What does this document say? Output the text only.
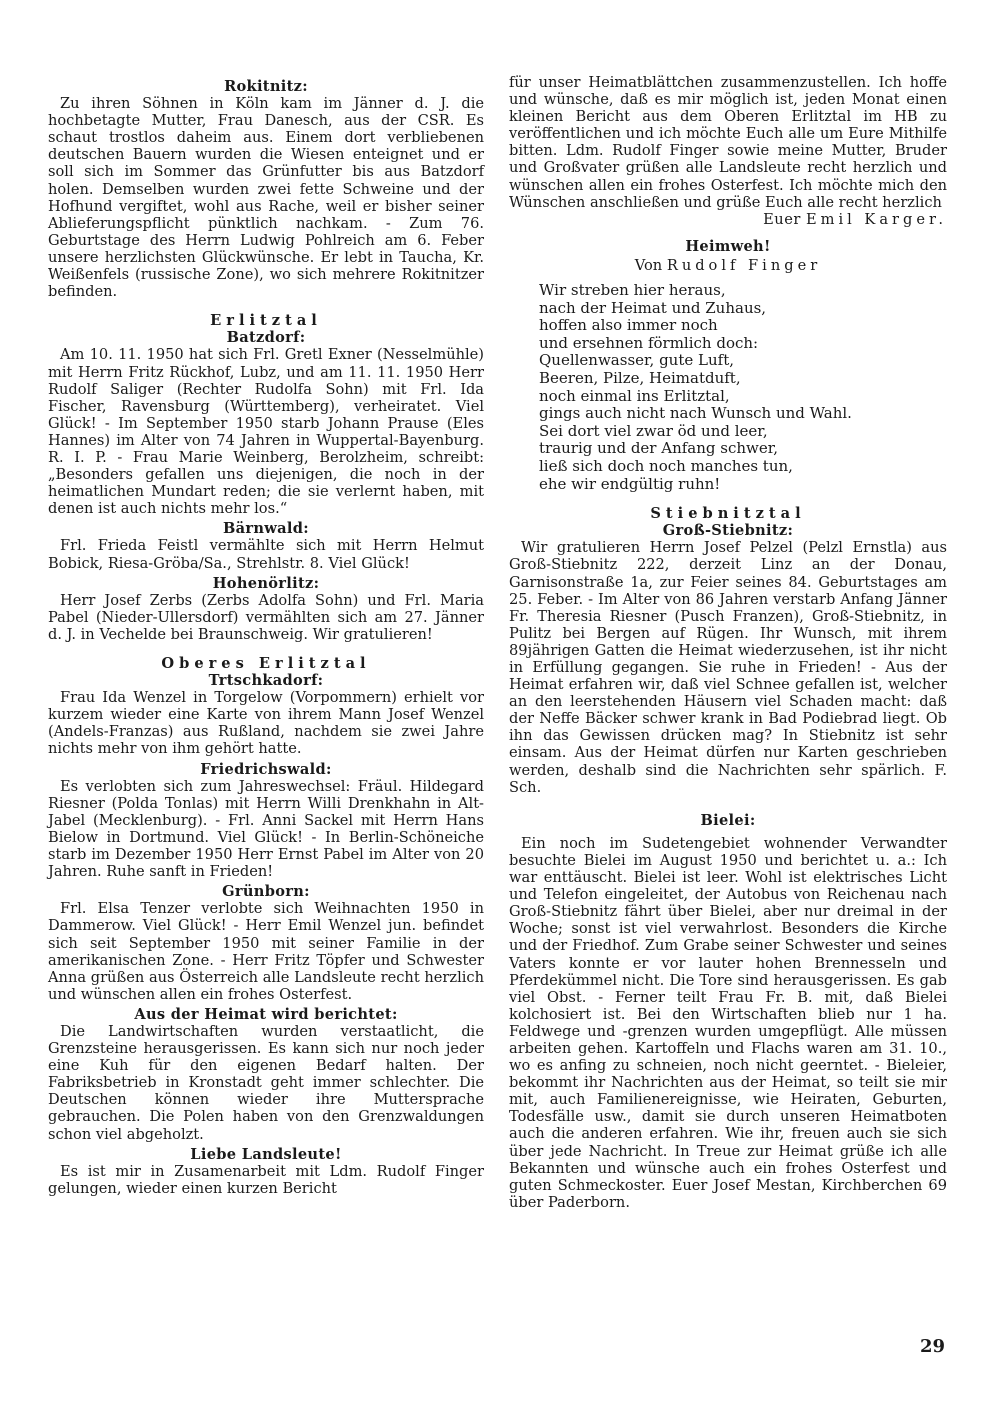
Rokitnitz:

Zu ihren Söhnen in Köln kam im Jänner d. J. die hochbetagte Mutter, Frau Danesch, aus der CSR. Es schaut trostlos daheim aus. Einem dort verbliebenen deutschen Bauern wurden die Wiesen enteignet und er soll sich im Sommer das Grünfutter bis aus Batzdorf holen. Demselben wurden zwei fette Schweine und der Hofhund vergiftet, wohl aus Rache, weil er bisher seiner Ablieferungspflicht pünktlich nachkam. - Zum 76. Geburtstage des Herrn Ludwig Pohlreich am 6. Feber unsere herzlichsten Glückwünsche. Er lebt in Taucha, Kr. Weißenfels (russische Zone), wo sich mehrere Rokitnitzer befinden.

Erlitztal
Batzdorf:

Am 10. 11. 1950 hat sich Frl. Gretl Exner (Nesselmühle) mit Herrn Fritz Rückhof, Lubz, und am 11. 11. 1950 Herr Rudolf Saliger (Rechter Rudolfa Sohn) mit Frl. Ida Fischer, Ravensburg (Württemberg), verheiratet. Viel Glück! - Im September 1950 starb Johann Prause (Eles Hannes) im Alter von 74 Jahren in Wuppertal-Bayenburg. R. I. P. - Frau Marie Weinberg, Berolzheim, schreibt: „Besonders gefallen uns diejenigen, die noch in der heimatlichen Mundart reden; die sie verlernt haben, mit denen ist auch nichts mehr los.“

Bärnwald:

Frl. Frieda Feistl vermählte sich mit Herrn Helmut Bobick, Riesa-Gröba/Sa., Strehlstr. 8. Viel Glück!

Hohenörlitz:

Herr Josef Zerbs (Zerbs Adolfa Sohn) und Frl. Maria Pabel (Nieder-Ullersdorf) vermählten sich am 27. Jänner d. J. in Vechelde bei Braunschweig. Wir gratulieren!

Oberes Erlitztal
Trtschkadorf:

Frau Ida Wenzel in Torgelow (Vorpommern) erhielt vor kurzem wieder eine Karte von ihrem Mann Josef Wenzel (Andels-Franzas) aus Rußland, nachdem sie zwei Jahre nichts mehr von ihm gehört hatte.

Friedrichswald:

Es verlobten sich zum Jahreswechsel: Fräul. Hildegard Riesner (Polda Tonlas) mit Herrn Willi Drenkhahn in Alt-Jabel (Mecklenburg). - Frl. Anni Sackel mit Herrn Hans Bielow in Dortmund. Viel Glück! - In Berlin-Schöneiche starb im Dezember 1950 Herr Ernst Pabel im Alter von 20 Jahren. Ruhe sanft in Frieden!

Grünborn:

Frl. Elsa Tenzer verlobte sich Weihnachten 1950 in Dammerow. Viel Glück! - Herr Emil Wenzel jun. befindet sich seit September 1950 mit seiner Familie in der amerikanischen Zone. - Herr Fritz Töpfer und Schwester Anna grüßen aus Österreich alle Landsleute recht herzlich und wünschen allen ein frohes Osterfest.

Aus der Heimat wird berichtet:

Die Landwirtschaften wurden verstaatlicht, die Grenzsteine herausgerissen. Es kann sich nur noch jeder eine Kuh für den eigenen Bedarf halten. Der Fabriksbetrieb in Kronstadt geht immer schlechter. Die Deutschen können wieder ihre Muttersprache gebrauchen. Die Polen haben von den Grenzwaldungen schon viel abgeholzt.

Liebe Landsleute!

Es ist mir in Zusamenarbeit mit Ldm. Rudolf Finger gelungen, wieder einen kurzen Bericht

für unser Heimatblättchen zusammenzustellen. Ich hoffe und wünsche, daß es mir möglich ist, jeden Monat einen kleinen Bericht aus dem Oberen Erlitztal im HB zu veröffentlichen und ich möchte Euch alle um Eure Mithilfe bitten. Ldm. Rudolf Finger sowie meine Mutter, Bruder und Großvater grüßen alle Landsleute recht herzlich und wünschen allen ein frohes Osterfest. Ich möchte mich den Wünschen anschließen und grüße Euch alle recht herzlich

Euer Emil Karger.
Heimweh!
Von Rudolf Finger
Wir streben hier heraus,
nach der Heimat und Zuhaus,
hoffen also immer noch
und ersehnen förmlich doch:
Quellenwasser, gute Luft,
Beeren, Pilze, Heimatduft,
noch einmal ins Erlitztal,
gings auch nicht nach Wunsch und Wahl.
Sei dort viel zwar öd und leer,
traurig und der Anfang schwer,
ließ sich doch noch manches tun,
ehe wir endgültig ruhn!
Stiebnitztal
Groß-Stiebnitz:

Wir gratulieren Herrn Josef Pelzel (Pelzl Ernstla) aus Groß-Stiebnitz 222, derzeit Linz an der Donau, Garnisonstraße 1a, zur Feier seines 84. Geburtstages am 25. Feber. - Im Alter von 86 Jahren verstarb Anfang Jänner Fr. Theresia Riesner (Pusch Franzen), Groß-Stiebnitz, in Pulitz bei Bergen auf Rügen. Ihr Wunsch, mit ihrem 89jährigen Gatten die Heimat wiederzusehen, ist ihr nicht in Erfüllung gegangen. Sie ruhe in Frieden! - Aus der Heimat erfahren wir, daß viel Schnee gefallen ist, welcher an den leerstehenden Häusern viel Schaden macht: daß der Neffe Bäcker schwer krank in Bad Podiebrad liegt. Ob ihn das Gewissen drücken mag? In Stiebnitz ist sehr einsam. Aus der Heimat dürfen nur Karten geschrieben werden, deshalb sind die Nachrichten sehr spärlich. F. Sch.

Bielei:

Ein noch im Sudetengebiet wohnender Verwandter besuchte Bielei im August 1950 und berichtet u. a.: Ich war enttäuscht. Bielei ist leer. Wohl ist elektrisches Licht und Telefon eingeleitet, der Autobus von Reichenau nach Groß-Stiebnitz fährt über Bielei, aber nur dreimal in der Woche; sonst ist viel verwahrlost. Besonders die Kirche und der Friedhof. Zum Grabe seiner Schwester und seines Vaters konnte er vor lauter hohen Brennesseln und Pferdekümmel nicht. Die Tore sind herausgerissen. Es gab viel Obst. - Ferner teilt Frau Fr. B. mit, daß Bielei kolchosiert ist. Bei den Wirtschaften blieb nur 1 ha. Feldwege und -grenzen wurden umgepflügt. Alle müssen arbeiten gehen. Kartoffeln und Flachs waren am 31. 10., wo es anfing zu schneien, noch nicht geerntet. - Bieleier, bekommt ihr Nachrichten aus der Heimat, so teilt sie mir mit, auch Familienereignisse, wie Heiraten, Geburten, Todesfälle usw., damit sie durch unseren Heimatboten auch die anderen erfahren. Wie ihr, freuen auch sie sich über jede Nachricht. In Treue zur Heimat grüße ich alle Bekannten und wünsche auch ein frohes Osterfest und guten Schmeckoster. Euer Josef Mestan, Kirchberchen 69 über Paderborn.

29
